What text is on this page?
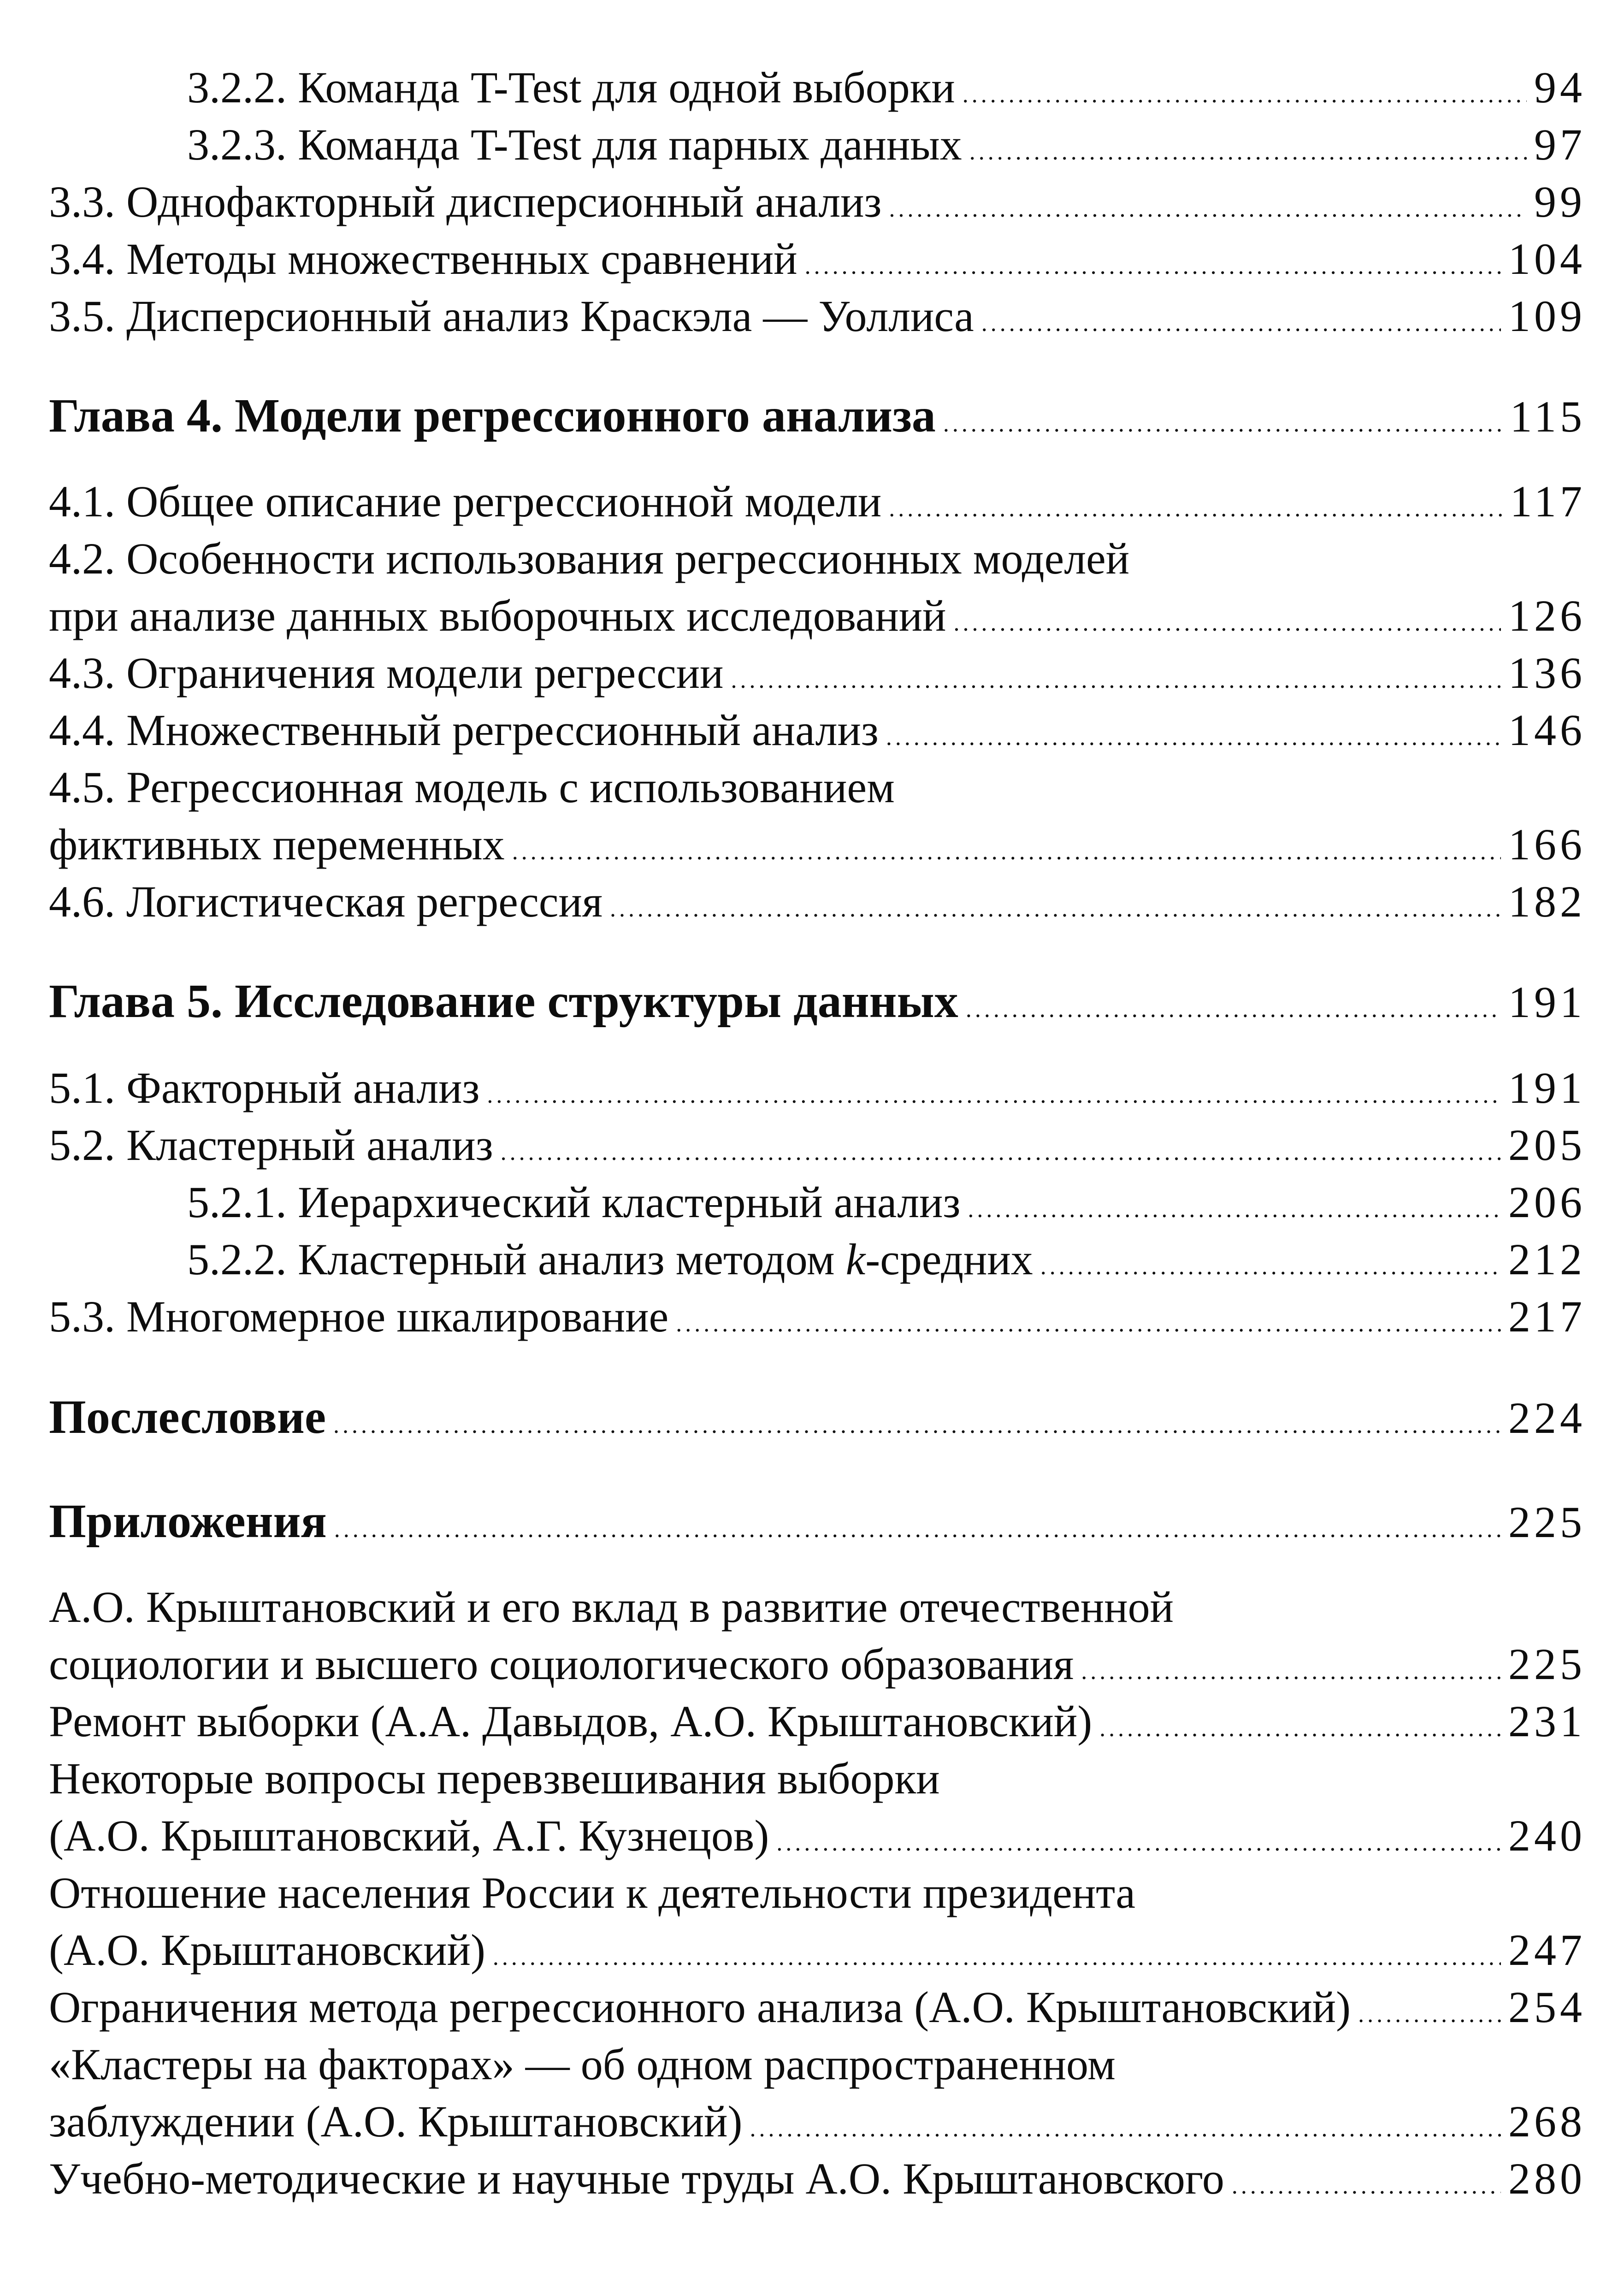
3.2.2. Команда T-Test для одной выборки .....	94
3.2.3. Команда T-Test для парных данных .....	97
3.3. Однофакторный дисперсионный анализ .....	99
3.4. Методы множественных сравнений .....	104
3.5. Дисперсионный анализ Краскэла — Уоллиса .....	109
Глава 4. Модели регрессионного анализа .....	115
4.1. Общее описание регрессионной модели .....	117
4.2. Особенности использования регрессионных моделей
при анализе данных выборочных исследований .....	126
4.3. Ограничения модели регрессии .....	136
4.4. Множественный регрессионный анализ .....	146
4.5. Регрессионная модель с использованием
фиктивных переменных .....	166
4.6. Логистическая регрессия .....	182
Глава 5. Исследование структуры данных .....	191
5.1. Факторный анализ .....	191
5.2. Кластерный анализ .....	205
5.2.1. Иерархический кластерный анализ .....	206
5.2.2. Кластерный анализ методом k-средних .....	212
5.3. Многомерное шкалирование .....	217
Послесловие .....	224
Приложения .....	225
А.О. Крыштановский и его вклад в развитие отечественной
социологии и высшего социологического образования .....	225
Ремонт выборки (А.А. Давыдов, А.О. Крыштановский) .....	231
Некоторые вопросы перевзвешивания выборки
(А.О. Крыштановский, А.Г. Кузнецов) .....	240
Отношение населения России к деятельности президента
(А.О. Крыштановский) .....	247
Ограничения метода регрессионного анализа (А.О. Крыштановский) .....	254
«Кластеры на факторах» — об одном распространенном
заблуждении (А.О. Крыштановский) .....	268
Учебно-методические и научные труды А.О. Крыштановского .....	280
